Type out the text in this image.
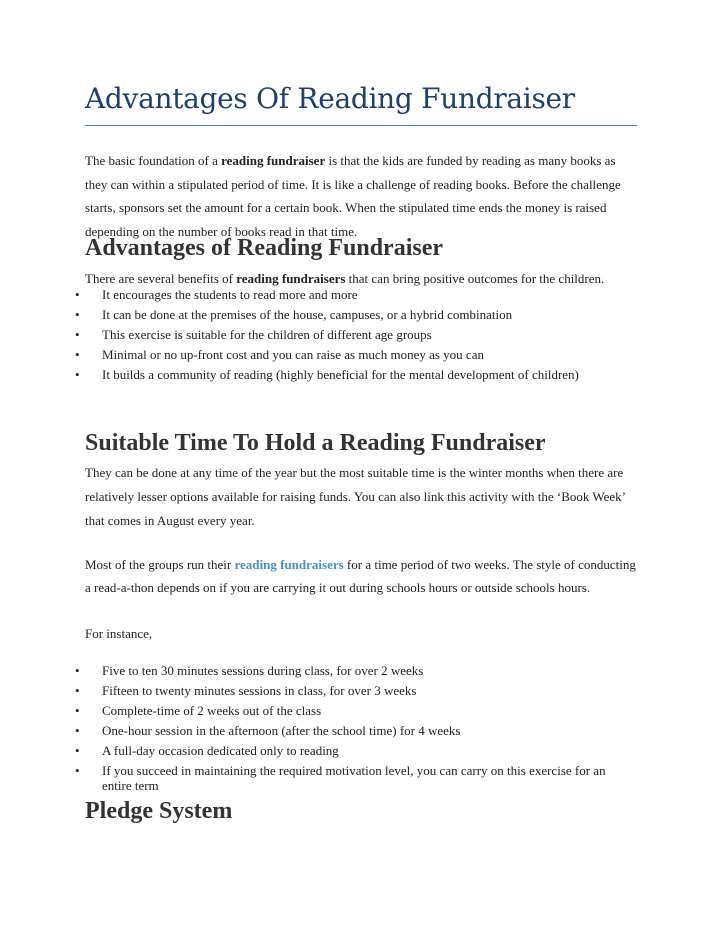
Advantages Of Reading Fundraiser

The basic foundation of a reading fundraiser is that the kids are funded by reading as many books as they can within a stipulated period of time. It is like a challenge of reading books. Before the challenge starts, sponsors set the amount for a certain book. When the stipulated time ends the money is raised depending on the number of books read in that time.

Advantages of Reading Fundraiser

There are several benefits of reading fundraisers that can bring positive outcomes for the children.

• It encourages the students to read more and more
• It can be done at the premises of the house, campuses, or a hybrid combination
• This exercise is suitable for the children of different age groups
• Minimal or no up-front cost and you can raise as much money as you can
• It builds a community of reading (highly beneficial for the mental development of children)
Suitable Time To Hold a Reading Fundraiser

They can be done at any time of the year but the most suitable time is the winter months when there are relatively lesser options available for raising funds. You can also link this activity with the ‘Book Week’ that comes in August every year.

Most of the groups run their reading fundraisers for a time period of two weeks. The style of conducting a read-a-thon depends on if you are carrying it out during schools hours or outside schools hours.

For instance,

• Five to ten 30 minutes sessions during class, for over 2 weeks
• Fifteen to twenty minutes sessions in class, for over 3 weeks
• Complete-time of 2 weeks out of the class
• One-hour session in the afternoon (after the school time) for 4 weeks
• A full-day occasion dedicated only to reading
• If you succeed in maintaining the required motivation level, you can carry on this exercise for an entire term
Pledge System
